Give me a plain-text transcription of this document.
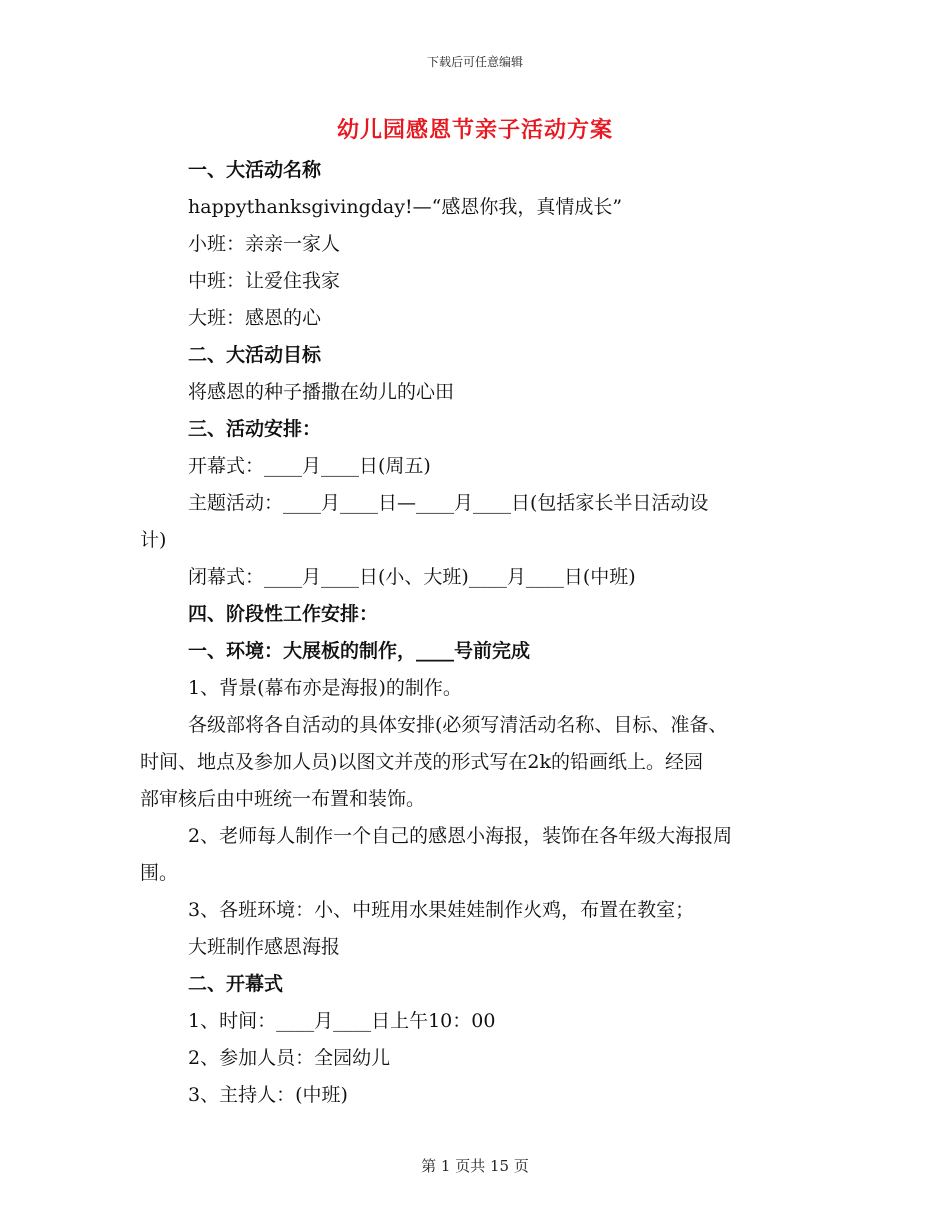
下载后可任意编辑
幼儿园感恩节亲子活动方案
一、大活动名称
happythanksgivingday!—“感恩你我，真情成长”
小班：亲亲一家人
中班：让爱住我家
大班：感恩的心
二、大活动目标
将感恩的种子播撒在幼儿的心田
三、活动安排：
开幕式：____月____日(周五)
主题活动：____月____日—____月____日(包括家长半日活动设
计)
闭幕式：____月____日(小、大班)____月____日(中班)
四、阶段性工作安排：
一、环境：大展板的制作，____号前完成
1、背景(幕布亦是海报)的制作。
各级部将各自活动的具体安排(必须写清活动名称、目标、准备、
时间、地点及参加人员)以图文并茂的形式写在2k的铅画纸上。经园
部审核后由中班统一布置和装饰。
2、老师每人制作一个自己的感恩小海报，装饰在各年级大海报周
围。
3、各班环境：小、中班用水果娃娃制作火鸡，布置在教室；
大班制作感恩海报
二、开幕式
1、时间：____月____日上午10：00
2、参加人员：全园幼儿
3、主持人：(中班)
第 1 页共 15 页
